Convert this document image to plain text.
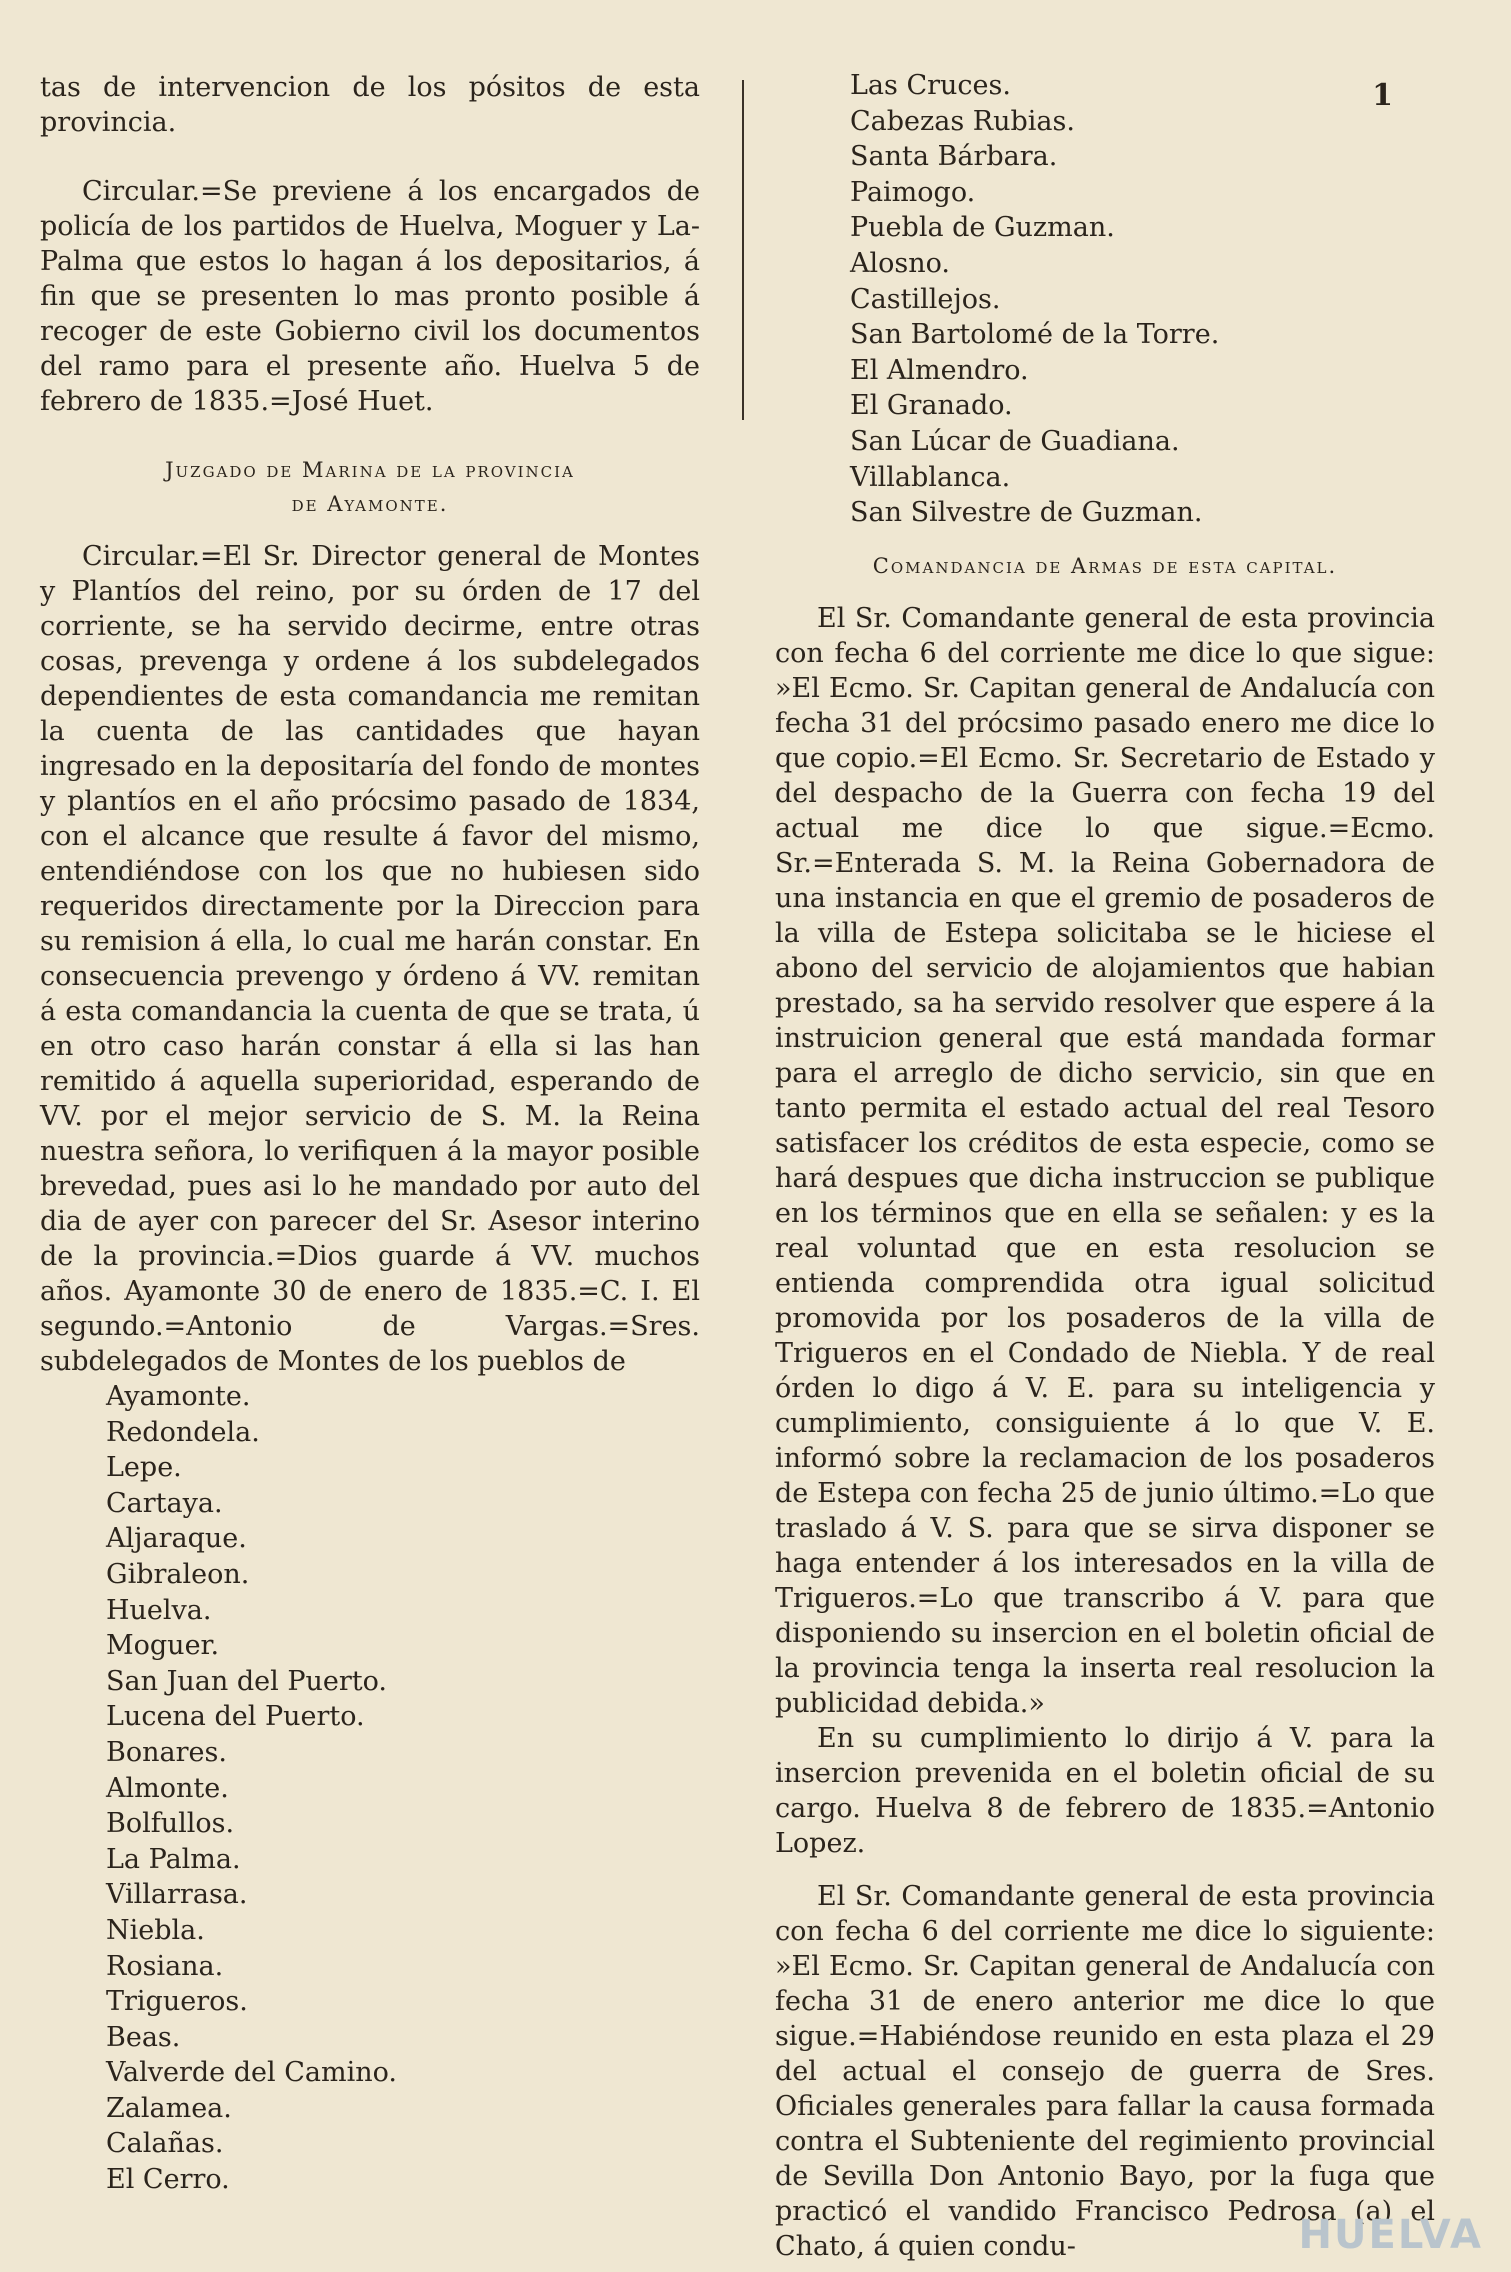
1

tas de intervencion de los pósitos de esta provincia.

Circular.=Se previene á los encargados de policía de los partidos de Huelva, Moguer y La-Palma que estos lo hagan á los depositarios, á fin que se presenten lo mas pronto posible á recoger de este Gobierno civil los documentos del ramo para el presente año. Huelva 5 de febrero de 1835.=José Huet.

Juzgado de Marina de la provincia

de Ayamonte.

Circular.=El Sr. Director general de Montes y Plantíos del reino, por su órden de 17 del corriente, se ha servido decirme, entre otras cosas, prevenga y ordene á los subdelegados dependientes de esta comandancia me remitan la cuenta de las cantidades que hayan ingresado en la depositaría del fondo de montes y plantíos en el año prócsimo pasado de 1834, con el alcance que resulte á favor del mismo, entendiéndose con los que no hubiesen sido requeridos directamente por la Direccion para su remision á ella, lo cual me harán constar. En consecuencia prevengo y órdeno á VV. remitan á esta comandancia la cuenta de que se trata, ú en otro caso harán constar á ella si las han remitido á aquella superioridad, esperando de VV. por el mejor servicio de S. M. la Reina nuestra señora, lo verifiquen á la mayor posible brevedad, pues asi lo he mandado por auto del dia de ayer con parecer del Sr. Asesor interino de la provincia.=Dios guarde á VV. muchos años. Ayamonte 30 de enero de 1835.=C. I. El segundo.=Antonio de Vargas.=Sres. subdelegados de Montes de los pueblos de

Ayamonte.
Redondela.
Lepe.
Cartaya.
Aljaraque.
Gibraleon.
Huelva.
Moguer.
San Juan del Puerto.
Lucena del Puerto.
Bonares.
Almonte.
Bolfullos.
La Palma.
Villarrasa.
Niebla.
Rosiana.
Trigueros.
Beas.
Valverde del Camino.
Zalamea.
Calañas.
El Cerro.
Las Cruces.
Cabezas Rubias.
Santa Bárbara.
Paimogo.
Puebla de Guzman.
Alosno.
Castillejos.
San Bartolomé de la Torre.
El Almendro.
El Granado.
San Lúcar de Guadiana.
Villablanca.
San Silvestre de Guzman.

Comandancia de Armas de esta capital.

El Sr. Comandante general de esta provincia con fecha 6 del corriente me dice lo que sigue: »El Ecmo. Sr. Capitan general de Andalucía con fecha 31 del prócsimo pasado enero me dice lo que copio.=El Ecmo. Sr. Secretario de Estado y del despacho de la Guerra con fecha 19 del actual me dice lo que sigue.=Ecmo. Sr.=Enterada S. M. la Reina Gobernadora de una instancia en que el gremio de posaderos de la villa de Estepa solicitaba se le hiciese el abono del servicio de alojamientos que habian prestado, sa ha servido resolver que espere á la instruicion general que está mandada formar para el arreglo de dicho servicio, sin que en tanto permita el estado actual del real Tesoro satisfacer los créditos de esta especie, como se hará despues que dicha instruccion se publique en los términos que en ella se señalen: y es la real voluntad que en esta resolucion se entienda comprendida otra igual solicitud promovida por los posaderos de la villa de Trigueros en el Condado de Niebla. Y de real órden lo digo á V. E. para su inteligencia y cumplimiento, consiguiente á lo que V. E. informó sobre la reclamacion de los posaderos de Estepa con fecha 25 de junio último.=Lo que traslado á V. S. para que se sirva disponer se haga entender á los interesados en la villa de Trigueros.=Lo que transcribo á V. para que disponiendo su insercion en el boletin oficial de la provincia tenga la inserta real resolucion la publicidad debida.»

En su cumplimiento lo dirijo á V. para la insercion prevenida en el boletin oficial de su cargo. Huelva 8 de febrero de 1835.=Antonio Lopez.

El Sr. Comandante general de esta provincia con fecha 6 del corriente me dice lo siguiente: »El Ecmo. Sr. Capitan general de Andalucía con fecha 31 de enero anterior me dice lo que sigue.=Habiéndose reunido en esta plaza el 29 del actual el consejo de guerra de Sres. Oficiales generales para fallar la causa formada contra el Subteniente del regimiento provincial de Sevilla Don Antonio Bayo, por la fuga que practicó el vandido Francisco Pedrosa (a) el Chato, á quien condu-	HUELVA
